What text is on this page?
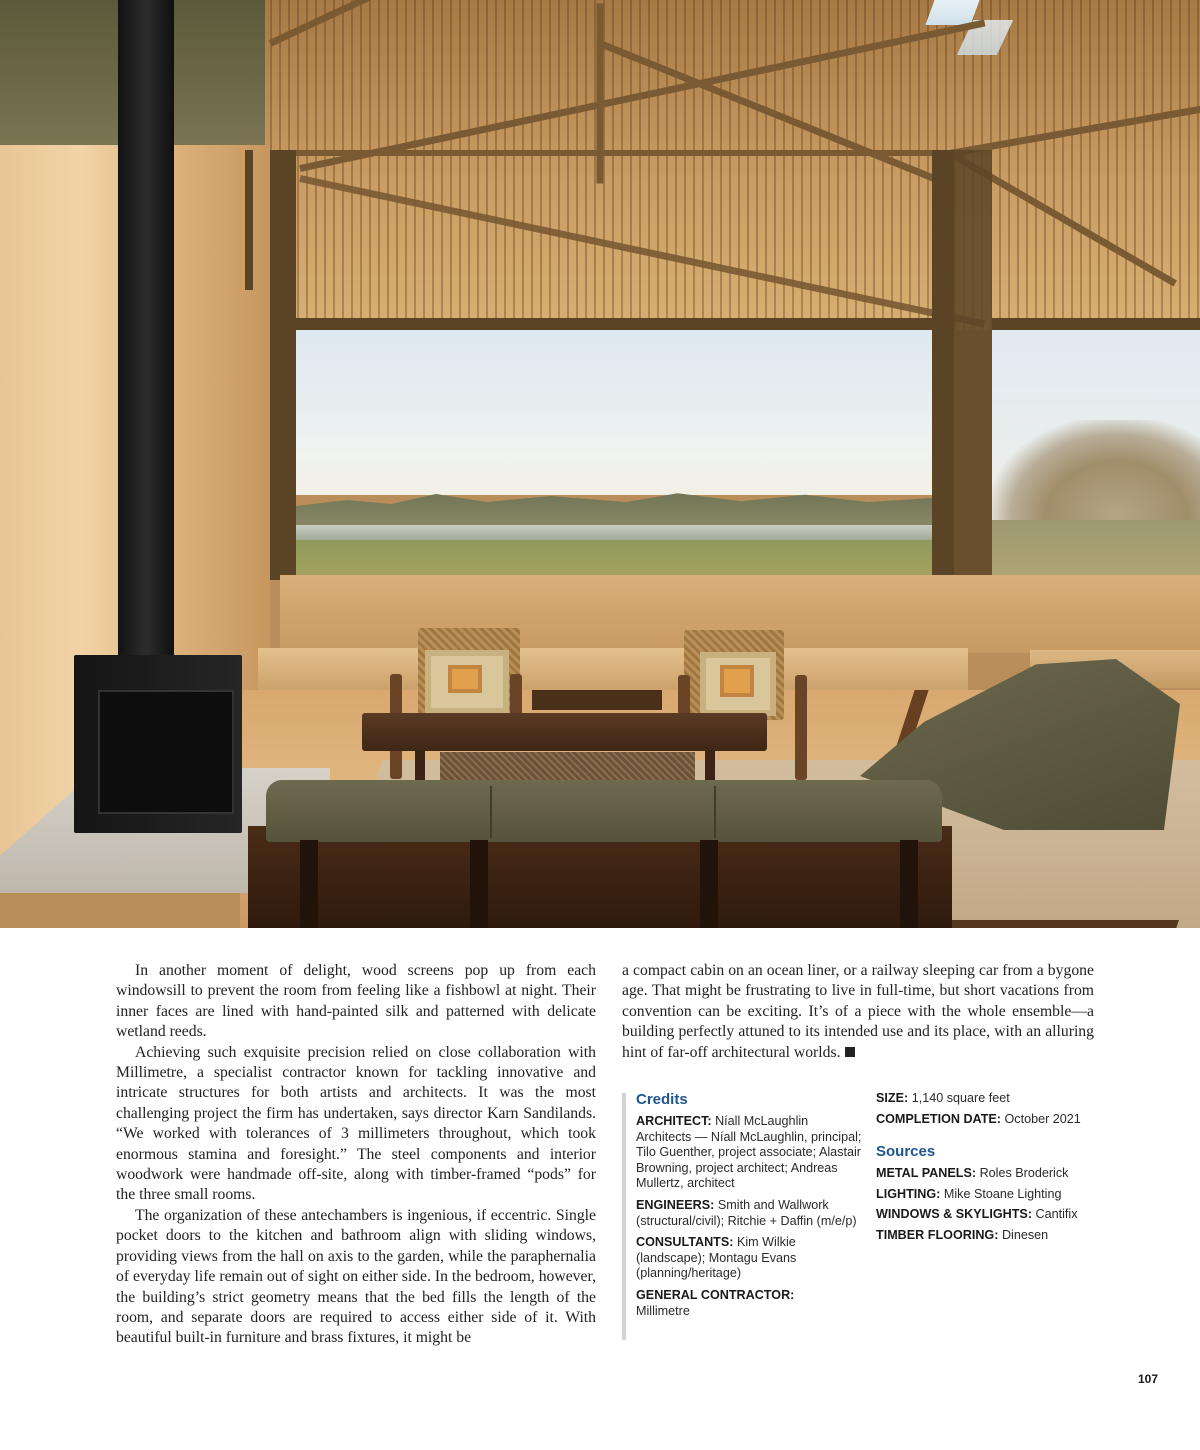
In another moment of delight, wood screens pop up from each windowsill to prevent the room from feeling like a fishbowl at night. Their inner faces are lined with hand-painted silk and patterned with delicate wetland reeds.

Achieving such exquisite precision relied on close collaboration with Millimetre, a specialist contractor known for tackling innovative and intricate structures for both artists and architects. It was the most challenging project the firm has undertaken, says director Karn Sandilands. “We worked with tolerances of 3 millimeters throughout, which took enormous stamina and foresight.” The steel components and interior woodwork were handmade off-site, along with timber-framed “pods” for the three small rooms.

The organization of these antechambers is ingenious, if eccentric. Single pocket doors to the kitchen and bathroom align with sliding windows, providing views from the hall on axis to the garden, while the paraphernalia of everyday life remain out of sight on either side. In the bedroom, however, the building’s strict geometry means that the bed fills the length of the room, and separate doors are required to access either side of it. With beautiful built-in furniture and brass fixtures, it might be

a compact cabin on an ocean liner, or a railway sleeping car from a bygone age. That might be frustrating to live in full-time, but short vacations from convention can be exciting. It’s of a piece with the whole ensemble—a building perfectly attuned to its intended use and its place, with an alluring hint of far-off architectural worlds.

Credits
ARCHITECT: Níall McLaughlin Architects — Níall McLaughlin, principal; Tilo Guenther, project associate; Alastair Browning, project architect; Andreas Mullertz, architect
ENGINEERS: Smith and Wallwork (structural/civil); Ritchie + Daffin (m/e/p)
CONSULTANTS: Kim Wilkie (landscape); Montagu Evans (planning/heritage)
GENERAL CONTRACTOR:
Millimetre
SIZE: 1,140 square feet
COMPLETION DATE: October 2021
Sources
METAL PANELS: Roles Broderick
LIGHTING: Mike Stoane Lighting
WINDOWS & SKYLIGHTS: Cantifix
TIMBER FLOORING: Dinesen
107
